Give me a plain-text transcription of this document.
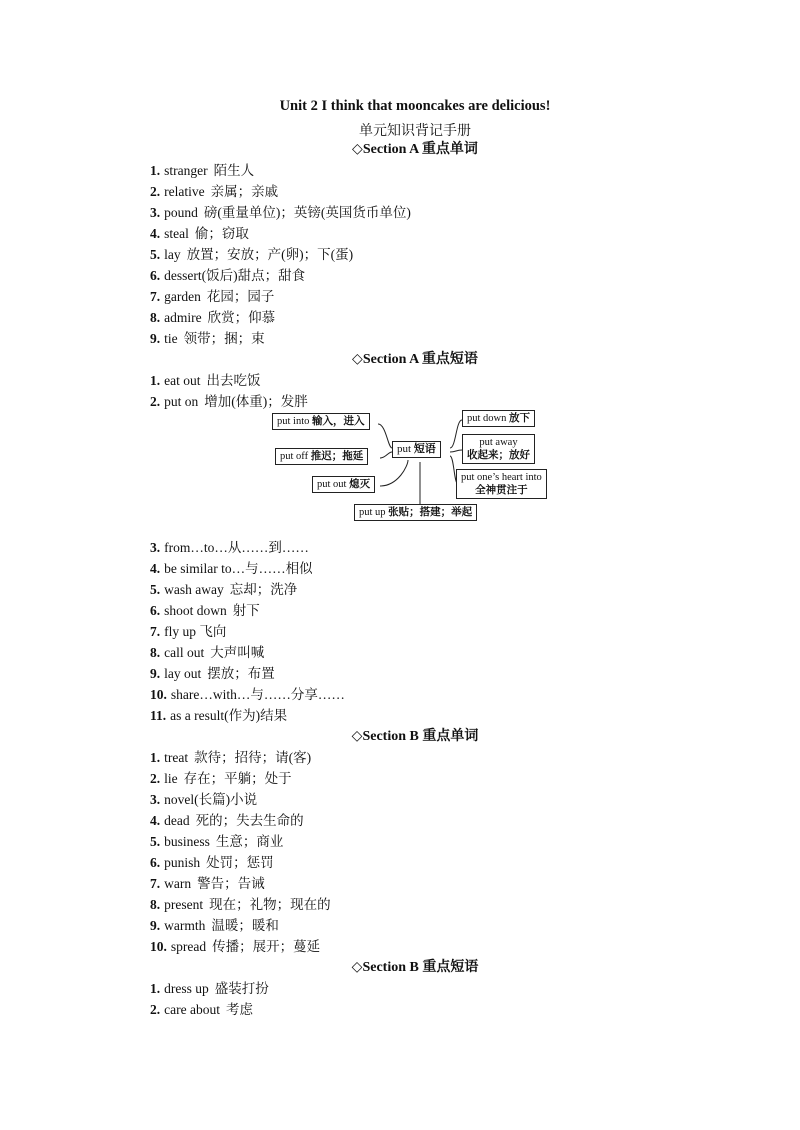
Unit 2 I think that mooncakes are delicious!
单元知识背记手册
◇Section A 重点单词
1. stranger 陌生人
2. relative 亲属；亲戚
3. pound 磅(重量单位)；英镑(英国货币单位)
4. steal 偷；窃取
5. lay 放置；安放；产(卵)；下(蛋)
6. dessert(饭后)甜点；甜食
7. garden 花园；园子
8. admire 欣赏；仰慕
9. tie 领带；捆；束
◇Section A 重点短语
1. eat out 出去吃饭
2. put on 增加(体重)；发胖
put into 输入，进入
put off 推迟；拖延
put out 熄灭
put 短语
put down 放下
put away
收起来；放好
put one’s heart into
全神贯注于
put up 张贴；搭建；举起
3. from…to…从……到……
4. be similar to…与……相似
5. wash away 忘却；洗净
6. shoot down 射下
7. fly up 飞向
8. call out 大声叫喊
9. lay out 摆放；布置
10. share…with…与……分享……
11. as a result(作为)结果
◇Section B 重点单词
1. treat 款待；招待；请(客)
2. lie 存在；平躺；处于
3. novel(长篇)小说
4. dead 死的；失去生命的
5. business 生意；商业
6. punish 处罚；惩罚
7. warn 警告；告诫
8. present 现在；礼物；现在的
9. warmth 温暖；暖和
10. spread 传播；展开；蔓延
◇Section B 重点短语
1. dress up 盛装打扮
2. care about 考虑
